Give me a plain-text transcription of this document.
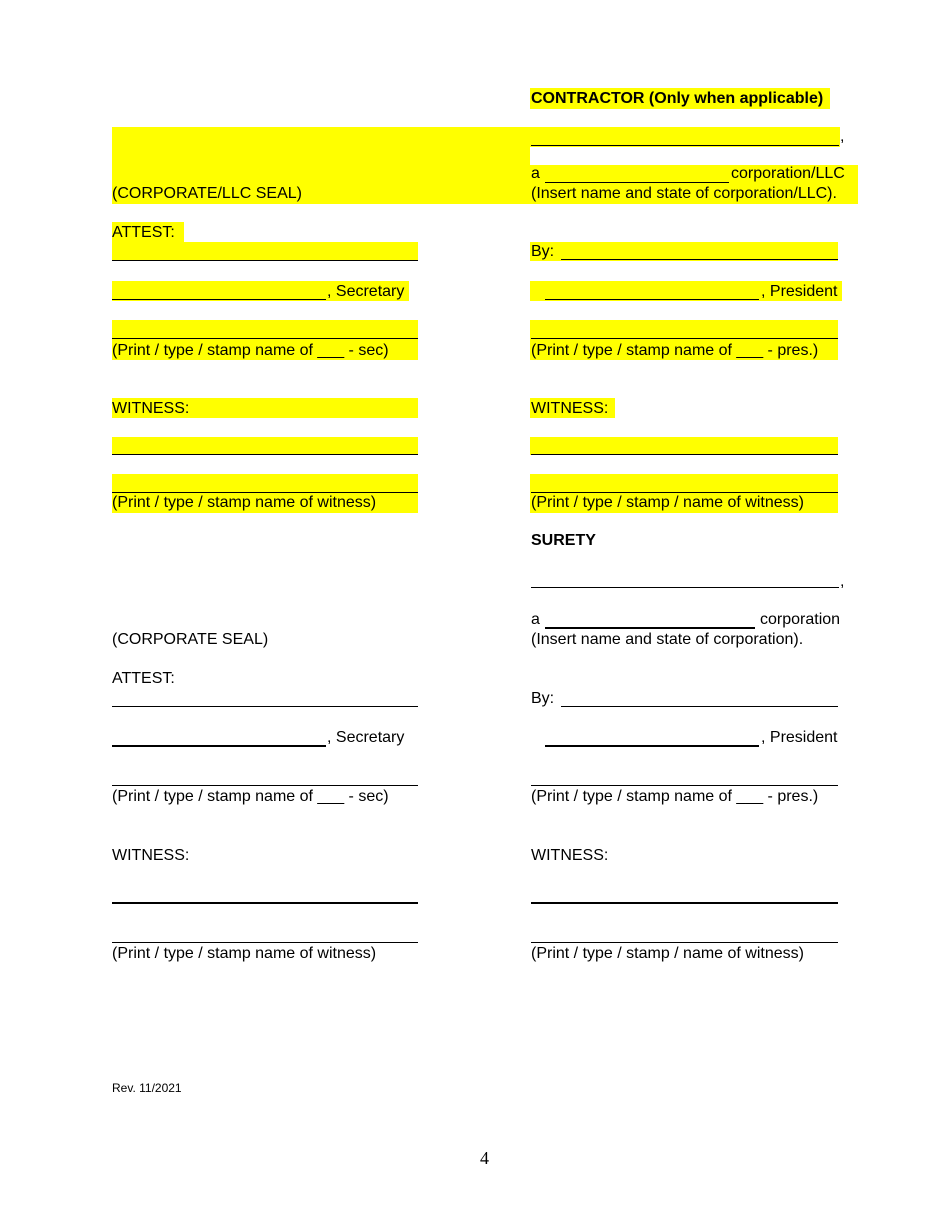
CONTRACTOR (Only when applicable)
,
a	corporation/LLC
(Insert name and state of corporation/LLC).
By:
, President
(Print / type / stamp name of ___ - pres.)
WITNESS:
(Print / type / stamp / name of witness)
(CORPORATE/LLC SEAL)
ATTEST:
, Secretary
(Print / type / stamp name of ___ - sec)
WITNESS:
(Print / type / stamp name of witness)
SURETY
,
a	corporation
(Insert name and state of corporation).
By:
, President
(Print / type / stamp name of ___ - pres.)
WITNESS:
(Print / type / stamp / name of witness)
(CORPORATE SEAL)
ATTEST:
, Secretary
(Print / type / stamp name of ___ - sec)
WITNESS:
(Print / type / stamp name of witness)
Rev. 11/2021
4
